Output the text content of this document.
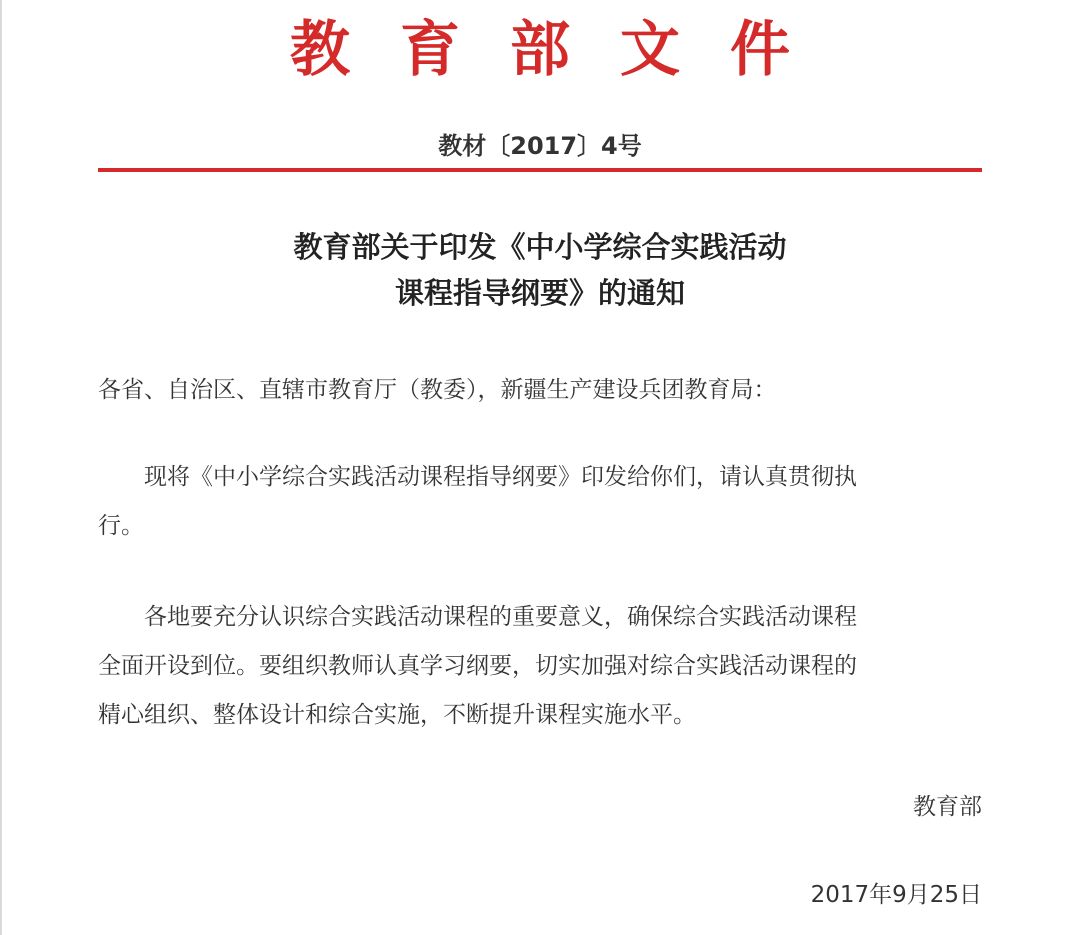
教育部文件
教材〔2017〕4号
教育部关于印发《中小学综合实践活动
课程指导纲要》的通知
各省、自治区、直辖市教育厅（教委），新疆生产建设兵团教育局：
　　现将《中小学综合实践活动课程指导纲要》印发给你们，请认真贯彻执
行。
　　各地要充分认识综合实践活动课程的重要意义，确保综合实践活动课程
全面开设到位。要组织教师认真学习纲要，切实加强对综合实践活动课程的
精心组织、整体设计和综合实施，不断提升课程实施水平。
教育部
2017年9月25日
